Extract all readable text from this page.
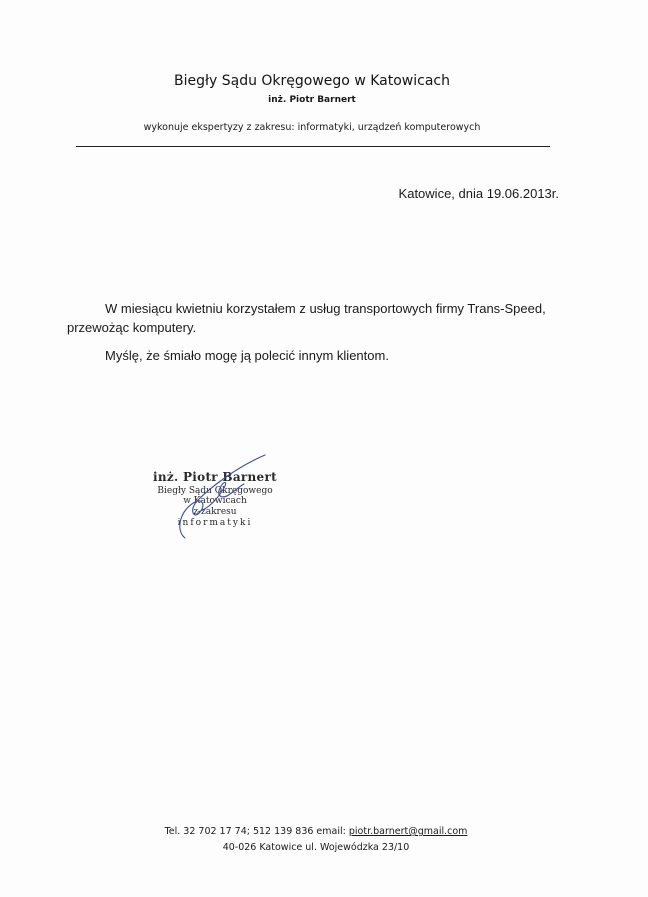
Biegły Sądu Okręgowego w Katowicach
inż. Piotr Barnert
wykonuje ekspertyzy z zakresu: informatyki, urządzeń komputerowych
Katowice, dnia 19.06.2013r.
W miesiącu kwietniu korzystałem z usług transportowych firmy Trans-Speed,
przewożąc komputery.
Myślę, że śmiało mogę ją polecić innym klientom.
inż. Piotr Barnert
Biegły Sądu Okręgowego
w Katowicach
z zakresu
informatyki
Tel. 32 702 17 74; 512 139 836 email: piotr.barnert@gmail.com
40-026 Katowice ul. Wojewódzka 23/10
